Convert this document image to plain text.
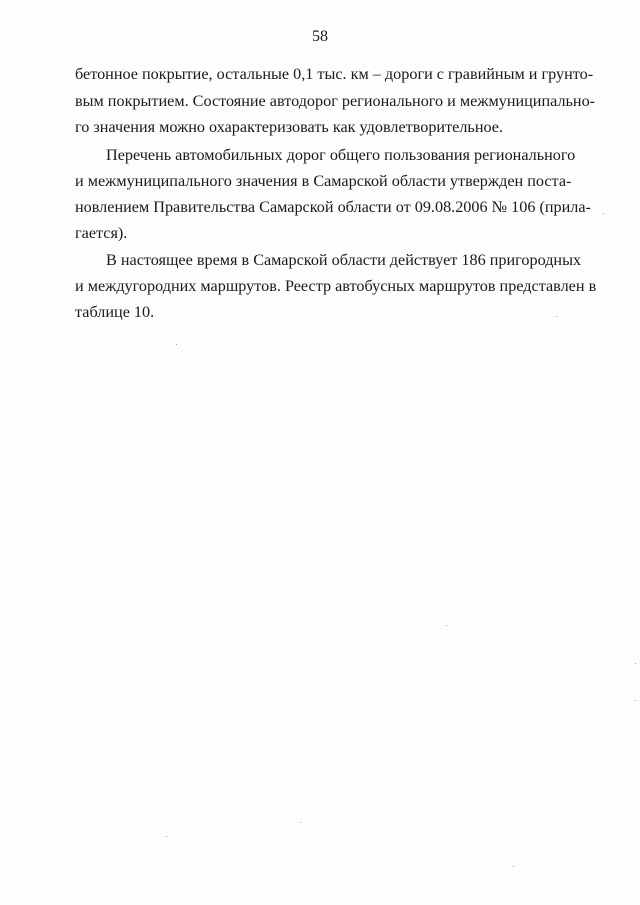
58
бетонное покрытие, остальные 0,1 тыс. км – дороги с гравийным и грунто-
вым покрытием. Состояние автодорог регионального и межмуниципально-
го значения можно охарактеризовать как удовлетворительное.
Перечень автомобильных дорог общего пользования регионального
и межмуниципального значения в Самарской области утвержден поста-
новлением Правительства Самарской области от 09.08.2006 № 106 (прила-
гается).
В настоящее время в Самарской области действует 186 пригородных
и междугородних маршрутов. Реестр автобусных маршрутов представлен в
таблице 10.
